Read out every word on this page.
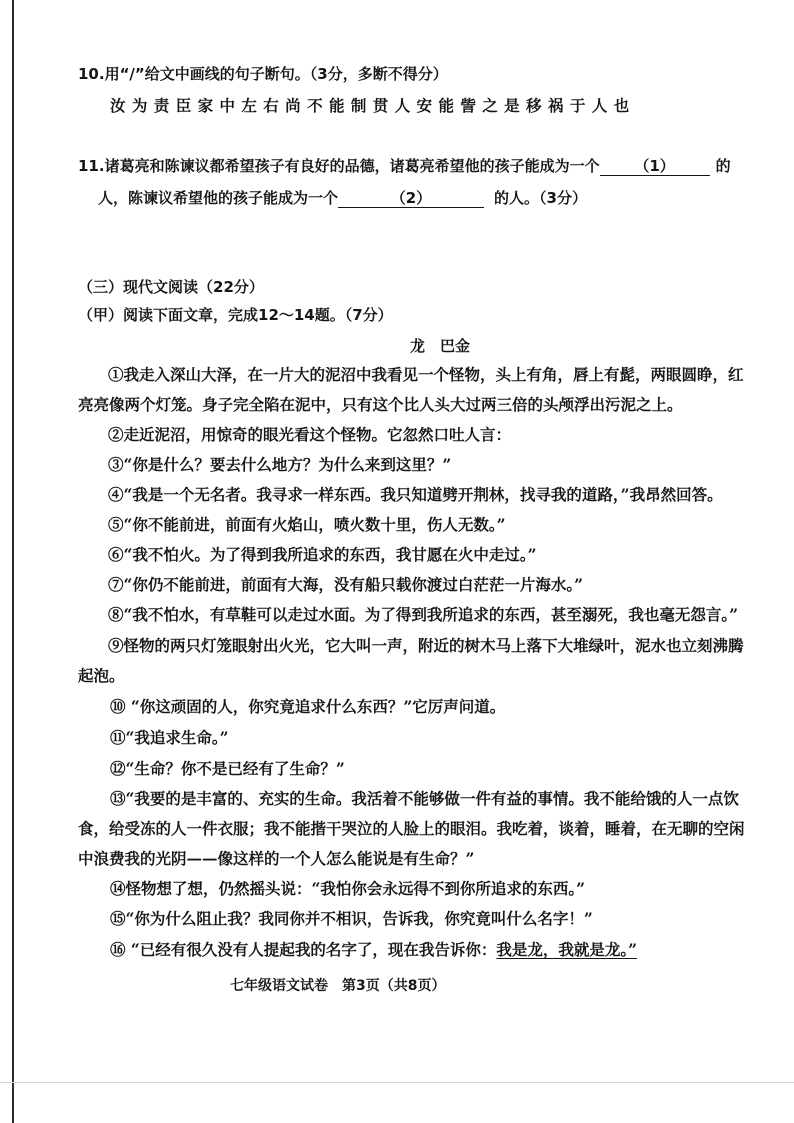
10.用“/”给文中画线的句子断句。（3分，多断不得分）
汝 为 责 臣 家 中 左 右 尚 不 能 制 贯 人 安 能 訾 之 是 移 祸 于 人 也
11.诸葛亮和陈谏议都希望孩子有良好的品德，诸葛亮希望他的孩子能成为一个 （1）	的
人，陈谏议希望他的孩子能成为一个	（2）	的人。（3分）
（三）现代文阅读（22分）
（甲）阅读下面文章，完成12～14题。（7分）
龙　巴金
①我走入深山大泽，在一片大的泥沼中我看见一个怪物，头上有角，唇上有髭，两眼圆睁，红
亮亮像两个灯笼。身子完全陷在泥中，只有这个比人头大过两三倍的头颅浮出污泥之上。
②走近泥沼，用惊奇的眼光看这个怪物。它忽然口吐人言：
③“你是什么？要去什么地方？为什么来到这里？”
④“我是一个无名者。我寻求一样东西。我只知道劈开荆林，找寻我的道路，”我昂然回答。
⑤“你不能前进，前面有火焰山，喷火数十里，伤人无数。”
⑥“我不怕火。为了得到我所追求的东西，我甘愿在火中走过。”
⑦“你仍不能前进，前面有大海，没有船只载你渡过白茫茫一片海水。”
⑧“我不怕水，有草鞋可以走过水面。为了得到我所追求的东西，甚至溺死，我也毫无怨言。”
⑨怪物的两只灯笼眼射出火光，它大叫一声，附近的树木马上落下大堆绿叶，泥水也立刻沸腾
起泡。
⑩ “你这顽固的人，你究竟追求什么东西？”它厉声问道。
⑪“我追求生命。”
⑫“生命？你不是已经有了生命？”
⑬“我要的是丰富的、充实的生命。我活着不能够做一件有益的事情。我不能给饿的人一点饮
食，给受冻的人一件衣服；我不能揩干哭泣的人脸上的眼泪。我吃着，谈着，睡着，在无聊的空闲
中浪费我的光阴——像这样的一个人怎么能说是有生命？”
⑭怪物想了想，仍然摇头说：“我怕你会永远得不到你所追求的东西。”
⑮“你为什么阻止我？我同你并不相识，告诉我，你究竟叫什么名字！”
⑯ “已经有很久没有人提起我的名字了，现在我告诉你：我是龙，我就是龙。”
七年级语文试卷　第3页（共8页）
